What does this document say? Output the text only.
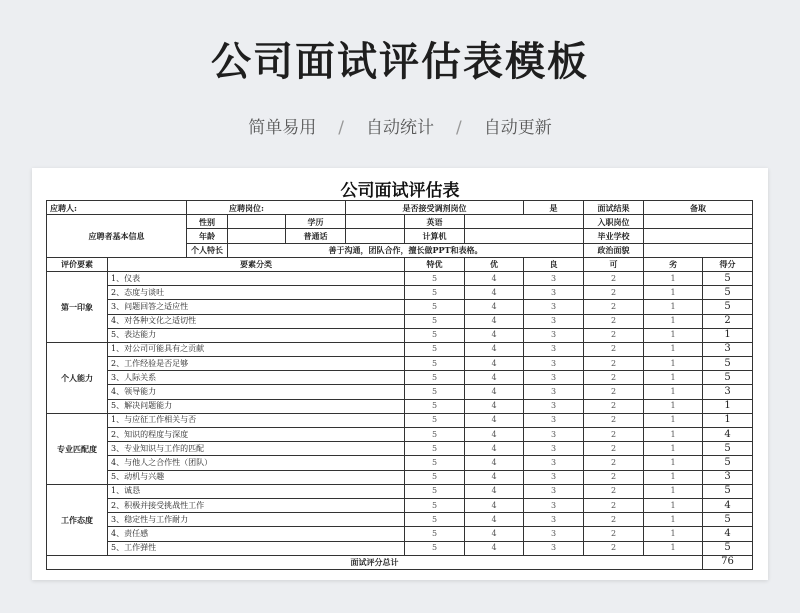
公司面试评估表模板
简单易用 / 自动统计 / 自动更新
公司面试评估表
应聘人:		应聘岗位:			是否接受调剂岗位			是	面试结果	备取	
应聘者基本信息		性别		学历		英语			入职岗位		
		年龄		普通话		计算机			毕业学校		
		个人特长	善于沟通，团队合作，擅长做PPT和表格。						政治面貌		
评价要素	要素分类					特优	优	良	可	劣	得分
第一印象	1、仪表					5	4	3	2	1	5
	2、态度与谈吐					5	4	3	2	1	5
	3、问题回答之适应性					5	4	3	2	1	5
	4、对各种文化之适切性					5	4	3	2	1	2
	5、表达能力					5	4	3	2	1	1
个人能力	1、对公司可能具有之贡献					5	4	3	2	1	3
	2、工作经验是否足够					5	4	3	2	1	5
	3、人际关系					5	4	3	2	1	5
	4、领导能力					5	4	3	2	1	3
	5、解决问题能力					5	4	3	2	1	1
专业匹配度	1、与应征工作相关与否					5	4	3	2	1	1
	2、知识的程度与深度					5	4	3	2	1	4
	3、专业知识与工作的匹配					5	4	3	2	1	5
	4、与他人之合作性（团队）					5	4	3	2	1	5
	5、动机与兴趣					5	4	3	2	1	3
工作态度	1、诚恳					5	4	3	2	1	5
	2、积极并接受挑战性工作					5	4	3	2	1	4
	3、稳定性与工作耐力					5	4	3	2	1	5
	4、责任感					5	4	3	2	1	4
	5、工作弹性					5	4	3	2	1	5
面试评分总计											76
